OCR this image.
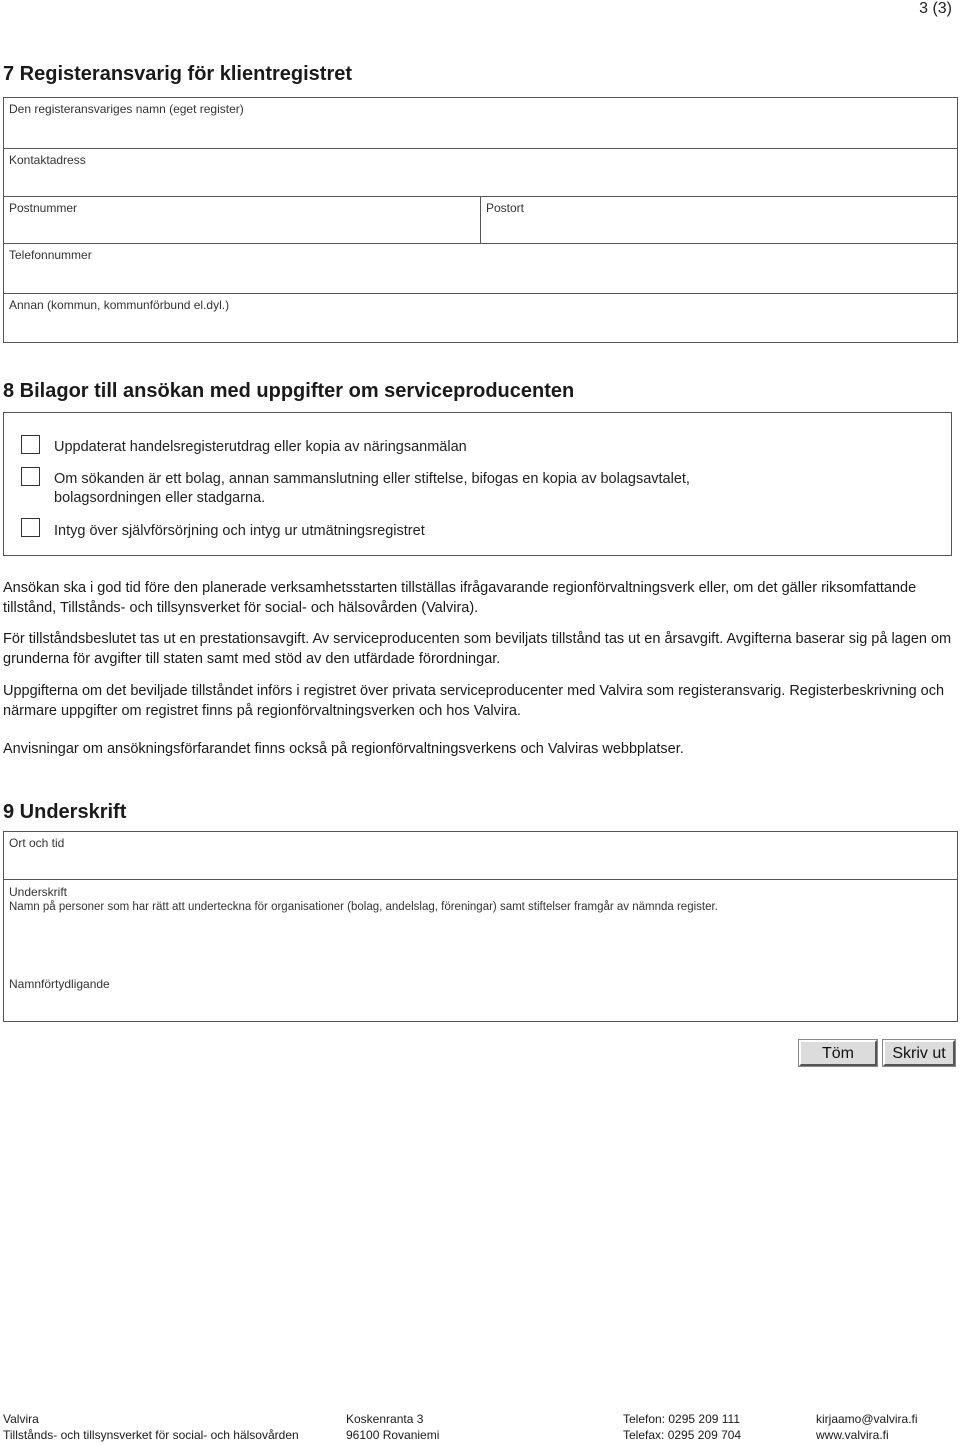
3 (3)
7 Registeransvarig för klientregistret
Den registeransvariges namn (eget register)
Kontaktadress
Postnummer	Postort
Telefonnummer
Annan (kommun, kommunförbund el.dyl.)
8 Bilagor till ansökan med uppgifter om serviceproducenten
Uppdaterat handelsregisterutdrag eller kopia av näringsanmälan
Om sökanden är ett bolag, annan sammanslutning eller stiftelse, bifogas en kopia av bolagsavtalet,
bolagsordningen eller stadgarna.
Intyg över självförsörjning och intyg ur utmätningsregistret

Ansökan ska i god tid före den planerade verksamhetsstarten tillställas ifrågavarande regionförvaltningsverk eller, om det gäller riksomfattande tillstånd, Tillstånds- och tillsynsverket för social- och hälsovården (Valvira).

För tillståndsbeslutet tas ut en prestationsavgift. Av serviceproducenten som beviljats tillstånd tas ut en årsavgift. Avgifterna baserar sig på lagen om grunderna för avgifter till staten samt med stöd av den utfärdade förordningar.

Uppgifterna om det beviljade tillståndet införs i registret över privata serviceproducenter med Valvira som registeransvarig. Registerbeskrivning och närmare uppgifter om registret finns på regionförvaltningsverken och hos Valvira.

Anvisningar om ansökningsförfarandet finns också på regionförvaltningsverkens och Valviras webbplatser.

9 Underskrift
Ort och tid
Underskrift
Namn på personer som har rätt att underteckna för organisationer (bolag, andelslag, föreningar) samt stiftelser framgår av nämnda register.
Namnförtydligande
Töm	Skriv ut
Valvira
Tillstånds- och tillsynsverket för social- och hälsovården
Koskenranta 3
96100 Rovaniemi
Telefon: 0295 209 111
Telefax: 0295 209 704
kirjaamo@valvira.fi
www.valvira.fi
